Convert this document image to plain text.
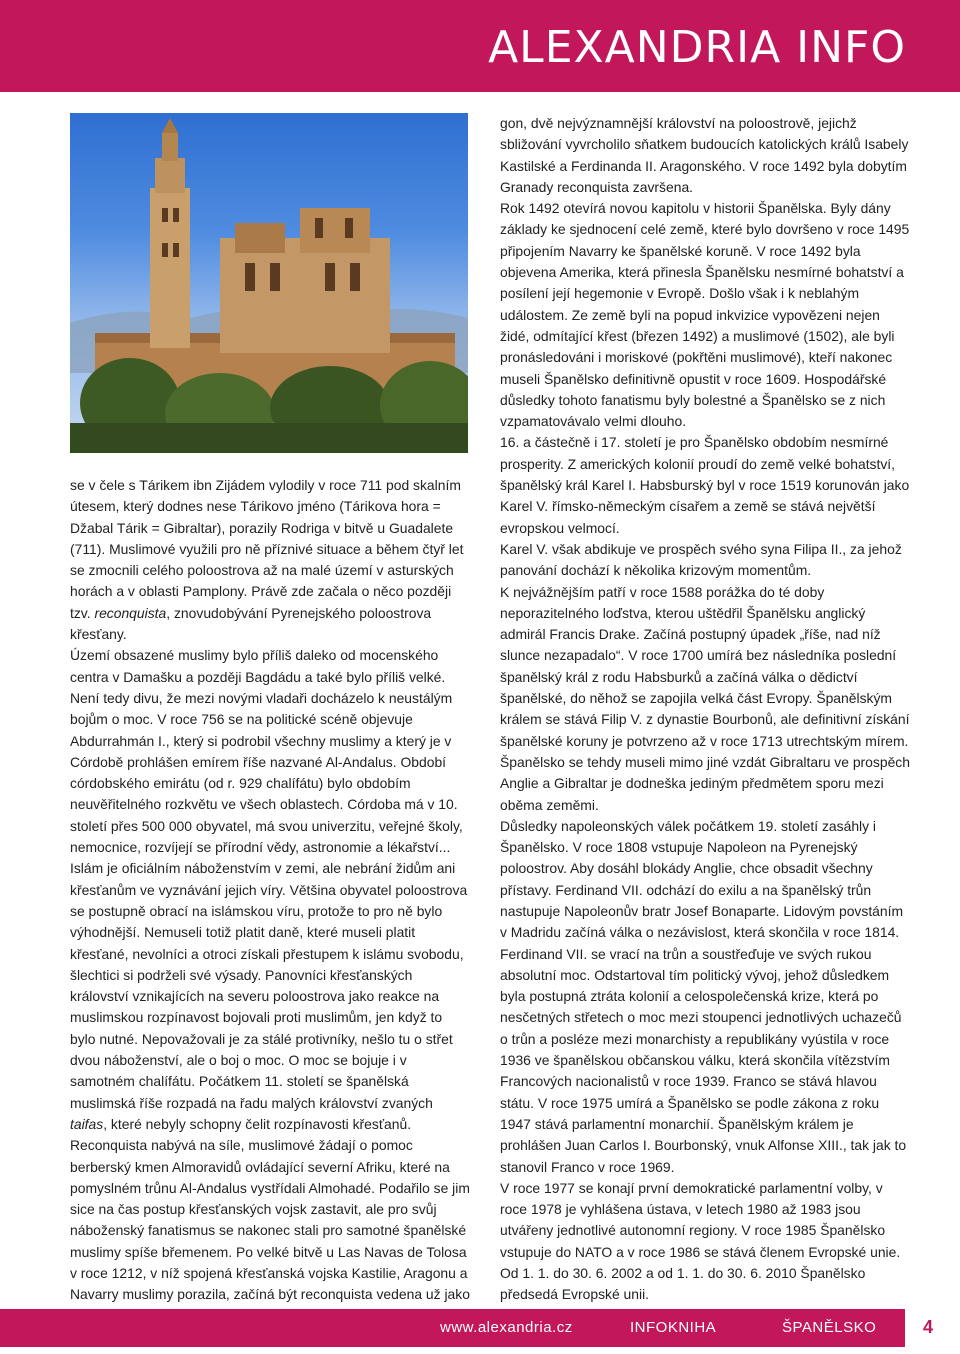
ALEXANDRIA INFO

se v čele s Tárikem ibn Zijádem vylodily v roce 711 pod skalním útesem, který dodnes nese Tárikovo jméno (Tárikova hora = Džabal Tárik = Gibraltar), porazily Rodriga v bitvě u Guadalete (711). Muslimové využili pro ně příznivé situace a během čtyř let se zmocnili celého poloostrova až na malé území v asturských horách a v oblasti Pamplony. Právě zde začala o něco později tzv. reconquista, znovudobývání Pyrenejského poloostrova křesťany.

Území obsazené muslimy bylo příliš daleko od mocenského centra v Damašku a později Bagdádu a také bylo příliš velké. Není tedy divu, že mezi novými vladaři docházelo k neustálým bojům o moc. V roce 756 se na politické scéně objevuje Abdurrahmán I., který si podrobil všechny muslimy a který je v Córdobě prohlášen emírem říše nazvané Al-Andalus. Období córdobského emirátu (od r. 929 chalífátu) bylo obdobím neuvěřitelného rozkvětu ve všech oblastech. Córdoba má v 10. století přes 500 000 obyvatel, má svou univerzitu, veřejné školy, nemocnice, rozvíjejí se přírodní vědy, astronomie a lékařství... Islám je oficiálním náboženstvím v zemi, ale nebrání židům ani křesťanům ve vyznávání jejich víry. Většina obyvatel poloostrova se postupně obrací na islámskou víru, protože to pro ně bylo výhodnější. Nemuseli totiž platit daně, které museli platit křesťané, nevolníci a otroci získali přestupem k islámu svobodu, šlechtici si podrželi své výsady. Panovníci křesťanských království vznikajících na severu poloostrova jako reakce na muslimskou rozpínavost bojovali proti muslimům, jen když to bylo nutné. Nepovažovali je za stálé protivníky, nešlo tu o střet dvou náboženství, ale o boj o moc. O moc se bojuje i v samotném chalífátu. Počátkem 11. století se španělská muslimská říše rozpadá na řadu malých království zvaných taifas, které nebyly schopny čelit rozpínavosti křesťanů. Reconquista nabývá na síle, muslimové žádají o pomoc berberský kmen Almoravidů ovládající severní Afriku, které na pomyslném trůnu Al-Andalus vystřídali Almohadé. Podařilo se jim sice na čas postup křesťanských vojsk zastavit, ale pro svůj náboženský fanatismus se nakonec stali pro samotné španělské muslimy spíše břemenem. Po velké bitvě u Las Navas de Tolosa v roce 1212, v níž spojená křesťanská vojska Kastilie, Aragonu a Navarry muslimy porazila, začíná být reconquista vedena už jako

gon, dvě nejvýznamnější království na poloostrově, jejichž sbližování vyvrcholilo sňatkem budoucích katolických králů Isabely Kastilské a Ferdinanda II. Aragonského. V roce 1492 byla dobytím Granady reconquista završena.

Rok 1492 otevírá novou kapitolu v historii Španělska. Byly dány základy ke sjednocení celé země, které bylo dovršeno v roce 1495 připojením Navarry ke španělské koruně. V roce 1492 byla objevena Amerika, která přinesla Španělsku nesmírné bohatství a posílení její hegemonie v Evropě. Došlo však i k neblahým událostem. Ze země byli na popud inkvizice vypovězeni nejen židé, odmítající křest (březen 1492) a muslimové (1502), ale byli pronásledováni i moriskové (pokřtěni muslimové), kteří nakonec museli Španělsko definitivně opustit v roce 1609. Hospodářské důsledky tohoto fanatismu byly bolestné a Španělsko se z nich vzpamatovávalo velmi dlouho.

16. a částečně i 17. století je pro Španělsko obdobím nesmírné prosperity. Z amerických kolonií proudí do země velké bohatství, španělský král Karel I. Habsburský byl v roce 1519 korunován jako Karel V. římsko-německým císařem a země se stává největší evropskou velmocí.

Karel V. však abdikuje ve prospěch svého syna Filipa II., za jehož panování dochází k několika krizovým momentům.

K nejvážnějším patří v roce 1588 porážka do té doby neporazitelného loďstva, kterou uštědřil Španělsku anglický admirál Francis Drake. Začíná postupný úpadek „říše, nad níž slunce nezapadalo“. V roce 1700 umírá bez následníka poslední španělský král z rodu Habsburků a začíná válka o dědictví španělské, do něhož se zapojila velká část Evropy. Španělským králem se stává Filip V. z dynastie Bourbonů, ale definitivní získání španělské koruny je potvrzeno až v roce 1713 utrechtským mírem. Španělsko se tehdy museli mimo jiné vzdát Gibraltaru ve prospěch Anglie a Gibraltar je dodneška jediným předmětem sporu mezi oběma zeměmi.

Důsledky napoleonských válek počátkem 19. století zasáhly i Španělsko. V roce 1808 vstupuje Napoleon na Pyrenejský poloostrov. Aby dosáhl blokády Anglie, chce obsadit všechny přístavy. Ferdinand VII. odchází do exilu a na španělský trůn nastupuje Napoleonův bratr Josef Bonaparte. Lidovým povstáním v Madridu začíná válka o nezávislost, která skončila v roce 1814. Ferdinand VII. se vrací na trůn a soustřeďuje ve svých rukou absolutní moc. Odstartoval tím politický vývoj, jehož důsledkem byla postupná ztráta kolonií a celospolečenská krize, která po nesčetných střetech o moc mezi stoupenci jednotlivých uchazečů o trůn a posléze mezi monarchisty a republikány vyústila v roce 1936 ve španělskou občanskou válku, která skončila vítězstvím Francových nacionalistů v roce 1939. Franco se stává hlavou státu. V roce 1975 umírá a Španělsko se podle zákona z roku 1947 stává parlamentní monarchií. Španělským králem je prohlášen Juan Carlos I. Bourbonský, vnuk Alfonse XIII., tak jak to stanovil Franco v roce 1969.

V roce 1977 se konají první demokratické parlamentní volby, v roce 1978 je vyhlášena ústava, v letech 1980 až 1983 jsou utvářeny jednotlivé autonomní regiony. V roce 1985 Španělsko vstupuje do NATO a v roce 1986 se stává členem Evropské unie. Od 1. 1. do 30. 6. 2002 a od 1. 1. do 30. 6. 2010 Španělsko předsedá Evropské unii.

www.alexandria.cz	INFOKNIHA	ŠPANĚLSKO	4
